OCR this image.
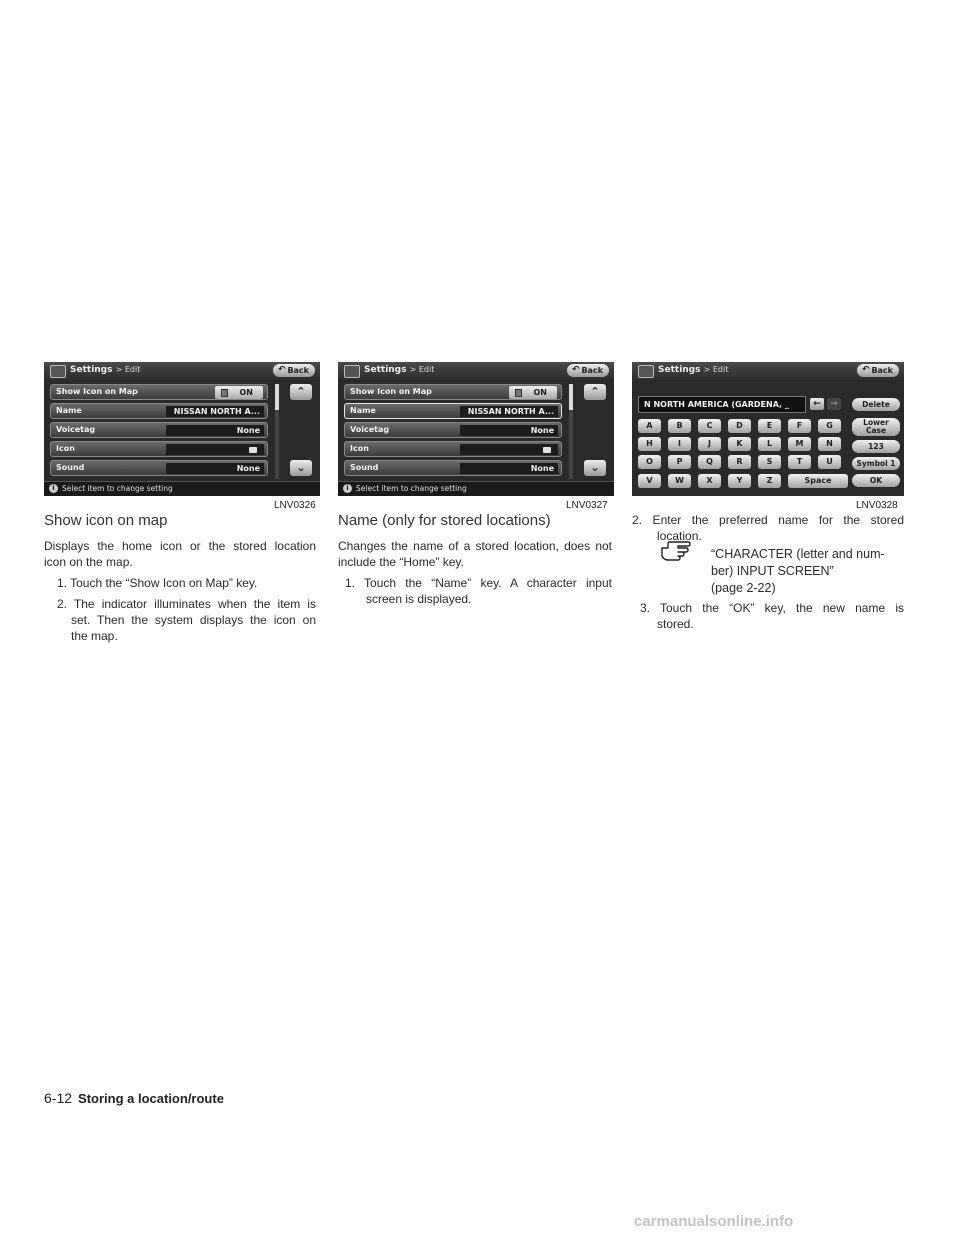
Settings > Edit	↶ Back
Show Icon on Map	ON
Name	NISSAN NORTH A...
Voicetag	None
Icon
Sound	None
⌃
⌄
i Select item to change setting
LNV0326
Settings > Edit	↶ Back
Show Icon on Map	ON
Name	NISSAN NORTH A...
Voicetag	None
Icon
Sound	None
⌃
⌄
i Select item to change setting
LNV0327
Settings > Edit	↶ Back
N NORTH AMERICA (GARDENA, _	←	→	Delete
A	B	C	D	E	F	G
H	I	J	K	L	M	N
O	P	Q	R	S	T	U
V	W	X	Y	Z	Space
Lower
Case
123
Symbol 1
OK
LNV0328
Show icon on map
Displays the home icon or the stored location
icon on the map.
1. Touch the “Show Icon on Map” key.
2. The indicator illuminates when the item is
set. Then the system displays the icon on
the map.
Name (only for stored locations)
Changes the name of a stored location, does not
include the “Home” key.
1. Touch the “Name” key. A character input
screen is displayed.
2. Enter the preferred name for the stored
location.
“CHARACTER (letter and num-
ber) INPUT SCREEN”
(page 2-22)
3. Touch the “OK” key, the new name is
stored.
6-12 Storing a location/route
carmanualsonline.info
